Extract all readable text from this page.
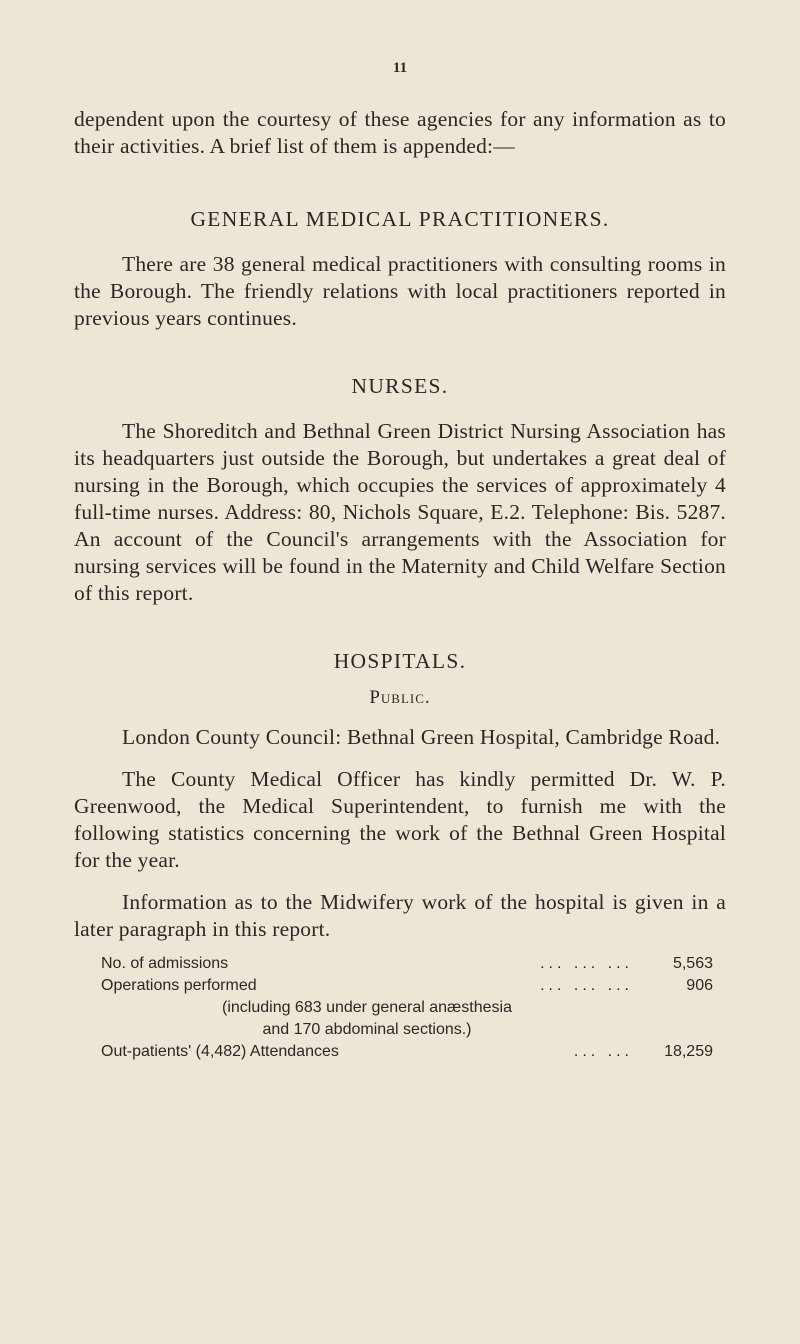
11

dependent upon the courtesy of these agencies for any information as to their activities. A brief list of them is appended:—

GENERAL MEDICAL PRACTITIONERS.

There are 38 general medical practitioners with consulting rooms in the Borough. The friendly relations with local practitioners reported in previous years continues.

NURSES.

The Shoreditch and Bethnal Green District Nursing Association has its headquarters just outside the Borough, but undertakes a great deal of nursing in the Borough, which occupies the services of approximately 4 full-time nurses. Address: 80, Nichols Square, E.2. Telephone: Bis. 5287. An account of the Council's arrangements with the Association for nursing services will be found in the Maternity and Child Welfare Section of this report.

HOSPITALS.
Public.

London County Council: Bethnal Green Hospital, Cambridge Road.

The County Medical Officer has kindly permitted Dr. W. P. Greenwood, the Medical Superintendent, to furnish me with the following statistics concerning the work of the Bethnal Green Hospital for the year.

Information as to the Midwifery work of the hospital is given in a later paragraph in this report.

No. of admissions	... ... ...	5,563
Operations performed	... ... ...	906
(including 683 under general anæsthesia		
and 170 abdominal sections.)		
Out-patients' (4,482) Attendances	... ...	18,259
